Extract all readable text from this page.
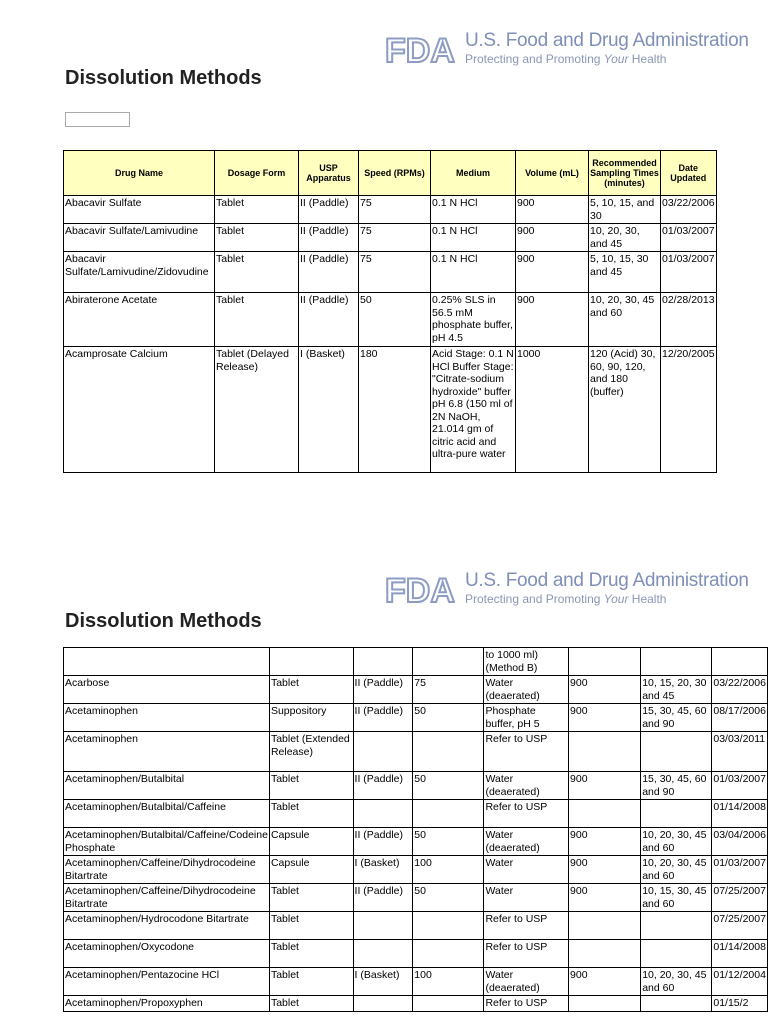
FDA U.S. Food and Drug Administration
Protecting and Promoting Your Health
Dissolution Methods
Drug Name	Dosage Form	USP Apparatus	Speed (RPMs)	Medium	Volume (mL)	Recommended Sampling Times (minutes)	Date Updated
Abacavir Sulfate	Tablet	II (Paddle)	75	0.1 N HCl	900	5, 10, 15, and 30	03/22/2006
Abacavir Sulfate/Lamivudine	Tablet	II (Paddle)	75	0.1 N HCl	900	10, 20, 30, and 45	01/03/2007
Abacavir Sulfate/Lamivudine/Zidovudine	Tablet	II (Paddle)	75	0.1 N HCl	900	5, 10, 15, 30 and 45	01/03/2007
Abiraterone Acetate	Tablet	II (Paddle)	50	0.25% SLS in 56.5 mM phosphate buffer, pH 4.5	900	10, 20, 30, 45 and 60	02/28/2013
Acamprosate Calcium	Tablet (Delayed Release)	I (Basket)	180	Acid Stage: 0.1 N HCl Buffer Stage: "Citrate-sodium hydroxide" buffer pH 6.8 (150 ml of 2N NaOH, 21.014 gm of citric acid and ultra-pure water	1000	120 (Acid) 30, 60, 90, 120, and 180 (buffer)	12/20/2005
FDA U.S. Food and Drug Administration
Protecting and Promoting Your Health
Dissolution Methods
				to 1000 ml) (Method B)			
Acarbose	Tablet	II (Paddle)	75	Water (deaerated)	900	10, 15, 20, 30 and 45	03/22/2006
Acetaminophen	Suppository	II (Paddle)	50	Phosphate buffer, pH 5	900	15, 30, 45, 60 and 90	08/17/2006
Acetaminophen	Tablet (Extended Release)			Refer to USP			03/03/2011
Acetaminophen/Butalbital	Tablet	II (Paddle)	50	Water (deaerated)	900	15, 30, 45, 60 and 90	01/03/2007
Acetaminophen/Butalbital/Caffeine	Tablet			Refer to USP			01/14/2008
Acetaminophen/Butalbital/Caffeine/Codeine Phosphate	Capsule	II (Paddle)	50	Water (deaerated)	900	10, 20, 30, 45 and 60	03/04/2006
Acetaminophen/Caffeine/Dihydrocodeine Bitartrate	Capsule	I (Basket)	100	Water	900	10, 20, 30, 45 and 60	01/03/2007
Acetaminophen/Caffeine/Dihydrocodeine Bitartrate	Tablet	II (Paddle)	50	Water	900	10, 15, 30, 45 and 60	07/25/2007
Acetaminophen/Hydrocodone Bitartrate	Tablet			Refer to USP			07/25/2007
Acetaminophen/Oxycodone	Tablet			Refer to USP			01/14/2008
Acetaminophen/Pentazocine HCl	Tablet	I (Basket)	100	Water (deaerated)	900	10, 20, 30, 45 and 60	01/12/2004
Acetaminophen/Propoxyphen	Tablet			Refer to USP			01/15/2
